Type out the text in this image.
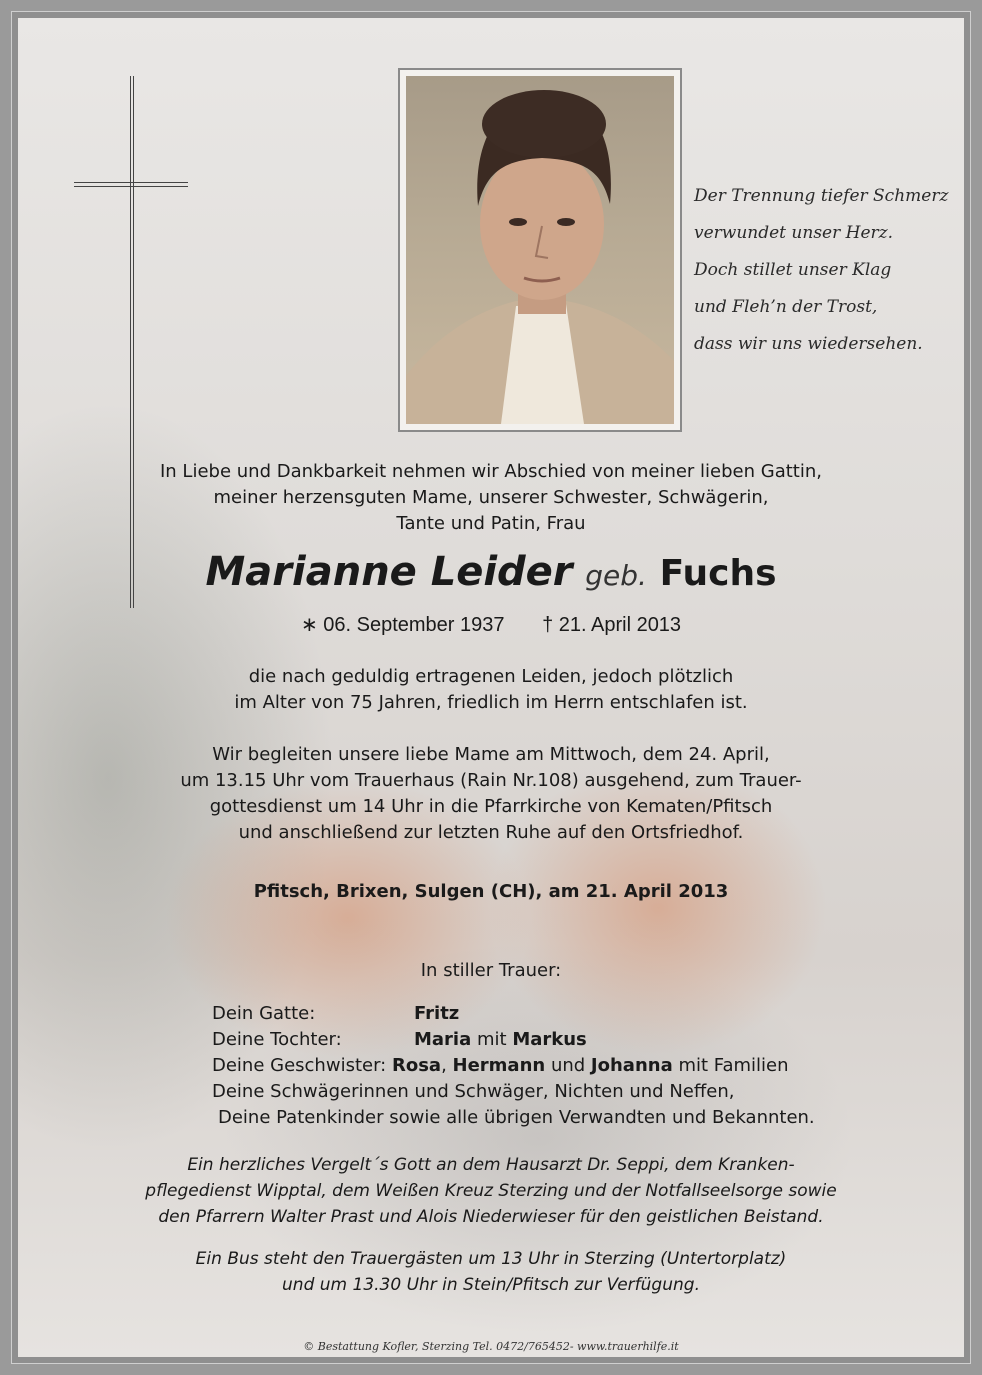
Der Trennung tiefer Schmerz
verwundet unser Herz.
Doch stillet unser Klag
und Fleh’n der Trost,
dass wir uns wiedersehen.
In Liebe und Dankbarkeit nehmen wir Abschied von meiner lieben Gattin,
meiner herzensguten Mame, unserer Schwester, Schwägerin,
Tante und Patin, Frau
Marianne Leider geb. Fuchs
∗ 06. September 1937 † 21. April 2013
die nach geduldig ertragenen Leiden, jedoch plötzlich
im Alter von 75 Jahren, friedlich im Herrn entschlafen ist.
Wir begleiten unsere liebe Mame am Mittwoch, dem 24. April,
um 13.15 Uhr vom Trauerhaus (Rain Nr.108) ausgehend, zum Trauer-
gottesdienst um 14 Uhr in die Pfarrkirche von Kematen/Pfitsch
und anschließend zur letzten Ruhe auf den Ortsfriedhof.
Pfitsch, Brixen, Sulgen (CH), am 21. April 2013
In stiller Trauer:
Dein Gatte:	Fritz
Deine Tochter:	Maria mit Markus
Deine Geschwister: Rosa, Hermann und Johanna mit Familien
Deine Schwägerinnen und Schwäger, Nichten und Neffen,
Deine Patenkinder sowie alle übrigen Verwandten und Bekannten.
Ein herzliches Vergelt´s Gott an dem Hausarzt Dr. Seppi, dem Kranken-
pflegedienst Wipptal, dem Weißen Kreuz Sterzing und der Notfallseelsorge sowie
den Pfarrern Walter Prast und Alois Niederwieser für den geistlichen Beistand.
Ein Bus steht den Trauergästen um 13 Uhr in Sterzing (Untertorplatz)
und um 13.30 Uhr in Stein/Pfitsch zur Verfügung.
© Bestattung Kofler, Sterzing Tel. 0472/765452- www.trauerhilfe.it
